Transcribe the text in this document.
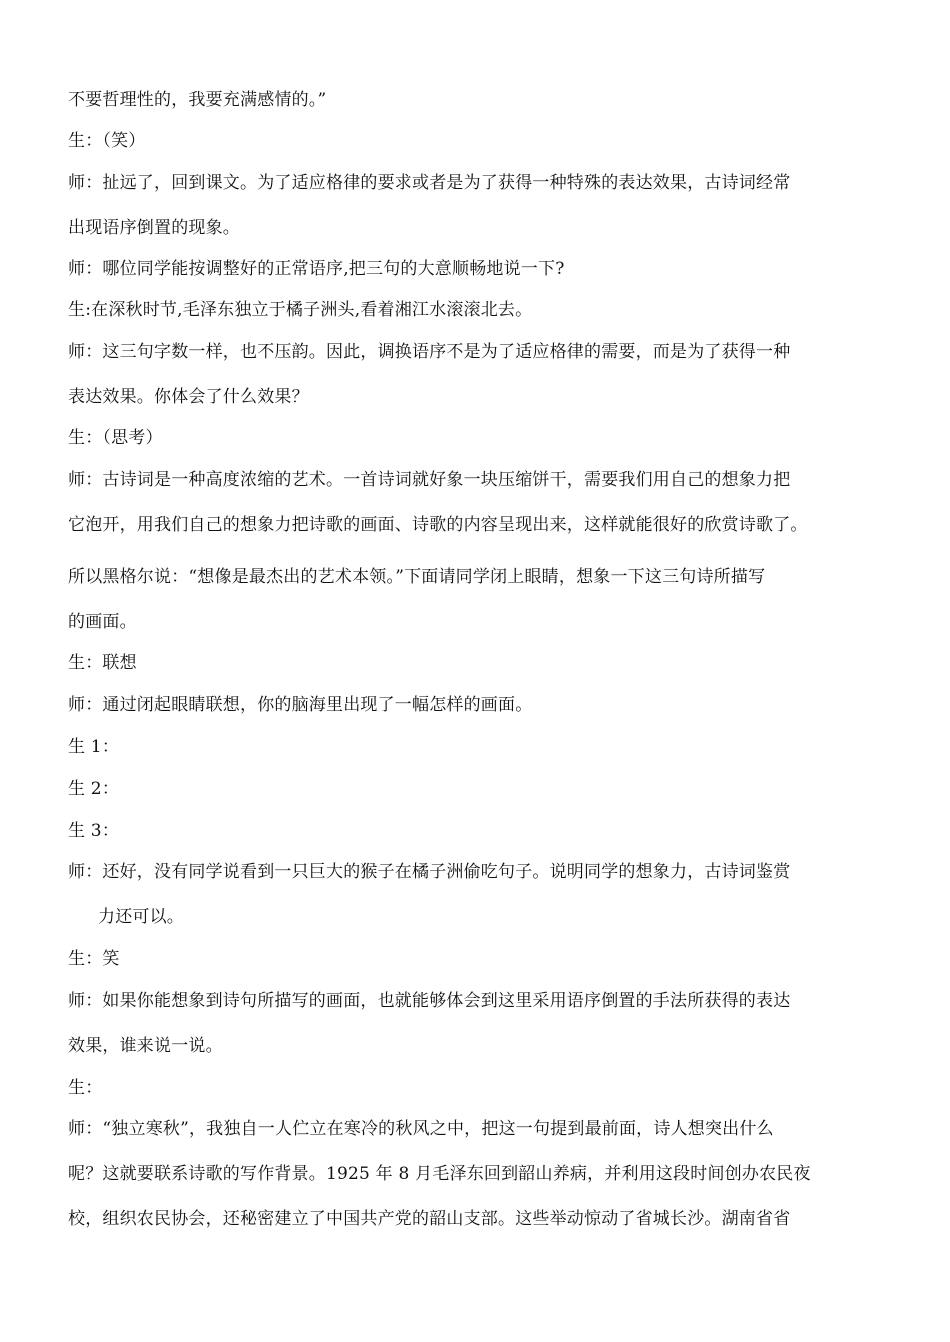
不要哲理性的，我要充满感情的。”
生：（笑）
师：扯远了，回到课文。为了适应格律的要求或者是为了获得一种特殊的表达效果，古诗词经常
出现语序倒置的现象。
师：哪位同学能按调整好的正常语序,把三句的大意顺畅地说一下?
生:在深秋时节,毛泽东独立于橘子洲头,看着湘江水滚滚北去。
师：这三句字数一样，也不压韵。因此，调换语序不是为了适应格律的需要，而是为了获得一种
表达效果。你体会了什么效果？
生：（思考）
师：古诗词是一种高度浓缩的艺术。一首诗词就好象一块压缩饼干，需要我们用自己的想象力把
它泡开，用我们自己的想象力把诗歌的画面、诗歌的内容呈现出来，这样就能很好的欣赏诗歌了。
所以黑格尔说：“想像是最杰出的艺术本领。”下面请同学闭上眼睛，想象一下这三句诗所描写
的画面。
生：联想
师：通过闭起眼睛联想，你的脑海里出现了一幅怎样的画面。
生 1：
生 2：
生 3：
师：还好，没有同学说看到一只巨大的猴子在橘子洲偷吃句子。说明同学的想象力，古诗词鉴赏
力还可以。
生：笑
师：如果你能想象到诗句所描写的画面，也就能够体会到这里采用语序倒置的手法所获得的表达
效果，谁来说一说。
生：
师：“独立寒秋”，我独自一人伫立在寒冷的秋风之中，把这一句提到最前面，诗人想突出什么
呢？这就要联系诗歌的写作背景。1925 年 8 月毛泽东回到韶山养病，并利用这段时间创办农民夜
校，组织农民协会，还秘密建立了中国共产党的韶山支部。这些举动惊动了省城长沙。湖南省省
